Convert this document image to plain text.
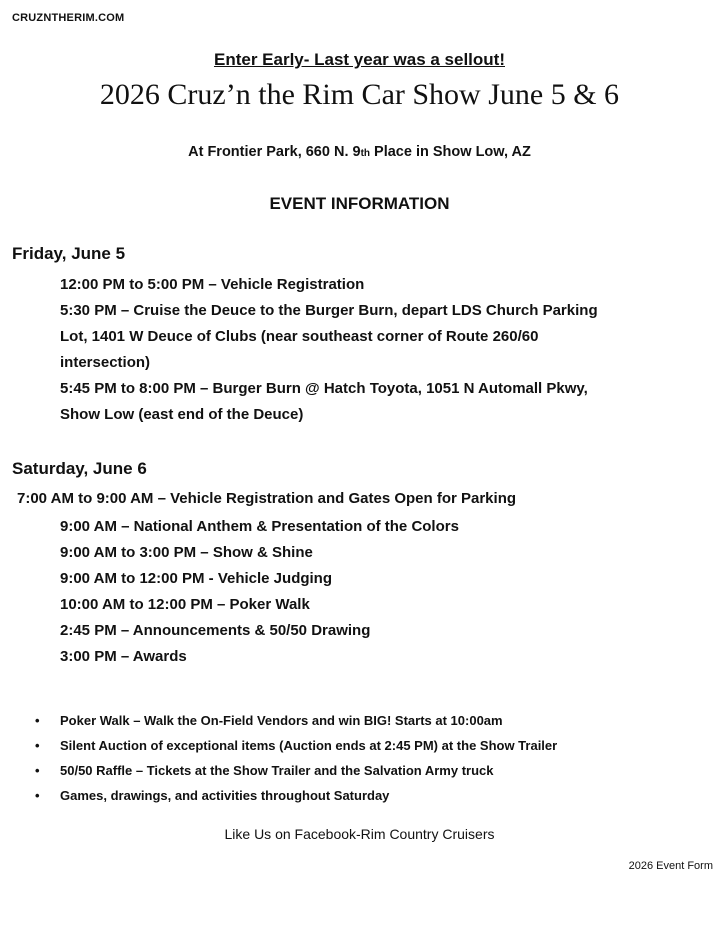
CRUZNTHERIM.COM
Enter Early- Last year was a sellout!
2026 Cruz’n the Rim Car Show June 5 & 6
At Frontier Park, 660 N. 9th Place in Show Low, AZ
EVENT INFORMATION
Friday, June 5
12:00 PM to 5:00 PM – Vehicle Registration
5:30 PM – Cruise the Deuce to the Burger Burn, depart LDS Church Parking
Lot, 1401 W Deuce of Clubs (near southeast corner of Route 260/60
intersection)
5:45 PM to 8:00 PM – Burger Burn @ Hatch Toyota, 1051 N Automall Pkwy,
Show Low (east end of the Deuce)
Saturday, June 6
7:00 AM to 9:00 AM – Vehicle Registration and Gates Open for Parking
9:00 AM – National Anthem & Presentation of the Colors
9:00 AM to 3:00 PM – Show & Shine
9:00 AM to 12:00 PM - Vehicle Judging
10:00 AM to 12:00 PM – Poker Walk
2:45 PM – Announcements & 50/50 Drawing
3:00 PM – Awards
• Poker Walk – Walk the On-Field Vendors and win BIG! Starts at 10:00am
• Silent Auction of exceptional items (Auction ends at 2:45 PM) at the Show Trailer
• 50/50 Raffle – Tickets at the Show Trailer and the Salvation Army truck
• Games, drawings, and activities throughout Saturday
Like Us on Facebook-Rim Country Cruisers
2026 Event Form
